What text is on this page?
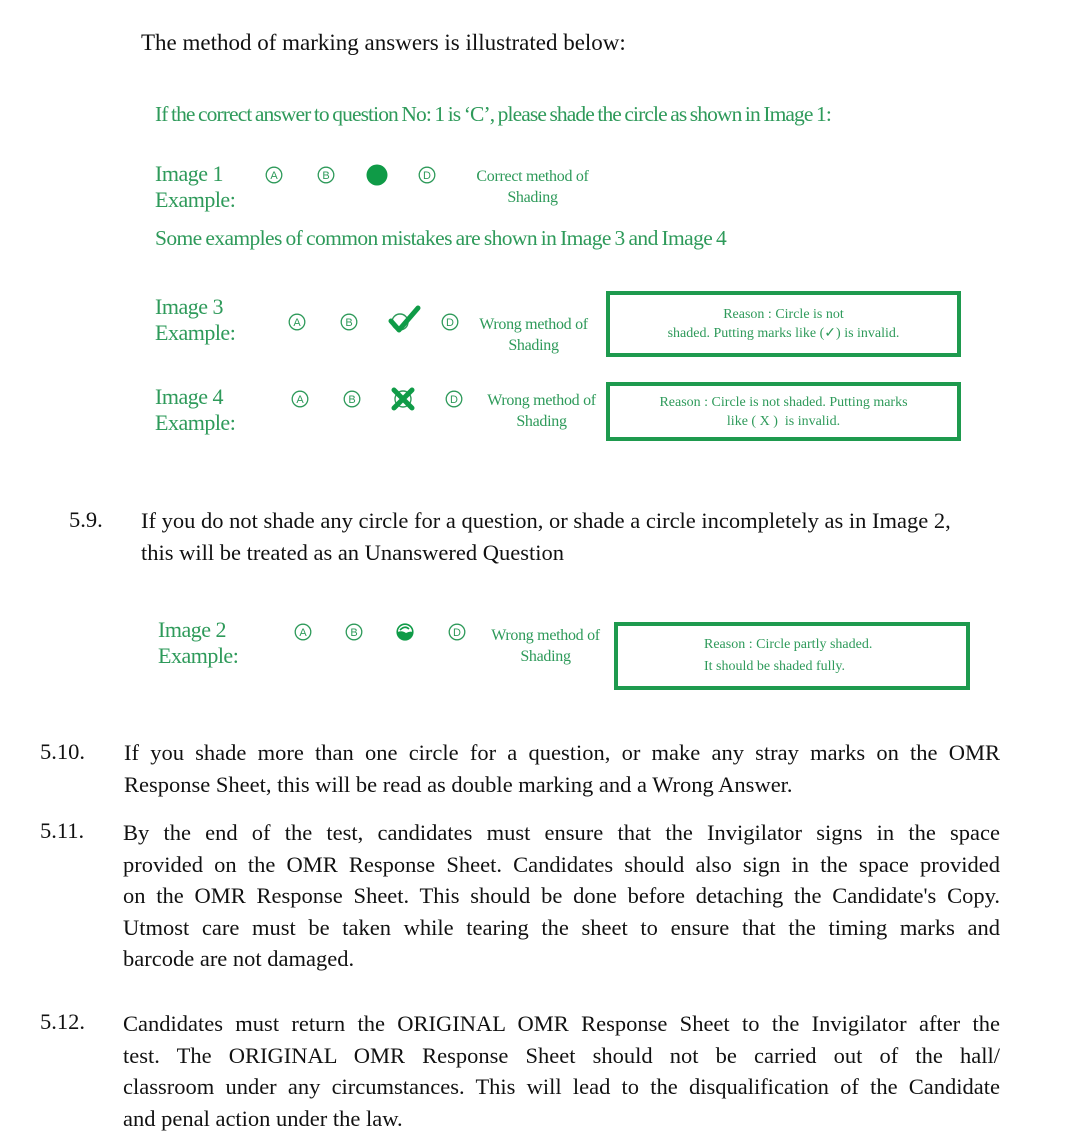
The method of marking answers is illustrated below:
If the correct answer to question No: 1 is ‘C’, please shade the circle as shown in Image 1:
Image 1
Example:
A	B	D	Correct method of
Shading
Some examples of common mistakes are shown in Image 3 and Image 4
Image 3
Example:	A	B	D	Wrong method of
Shading
Reason : Circle is not
shaded. Putting marks like (✓) is invalid.
Image 4
Example:
A	B	D	Wrong method of
Shading
Reason : Circle is not shaded. Putting marks
like ( X )  is invalid.
5.9. If you do not shade any circle for a question, or shade a circle incompletely as in Image 2,
this will be treated as an Unanswered Question
Image 2
Example:
A	B	D	Wrong method of
Shading
Reason : Circle partly shaded.
It should be shaded fully.
5.10. If you shade more than one circle for a question, or make any stray marks on the OMR
Response Sheet, this will be read as double marking and a Wrong Answer.
5.11. By the end of the test, candidates must ensure that the Invigilator signs in the space
provided on the OMR Response Sheet. Candidates should also sign in the space provided
on the OMR Response Sheet. This should be done before detaching the Candidate's Copy.
Utmost care must be taken while tearing the sheet to ensure that the timing marks and
barcode are not damaged.
5.12. Candidates must return the ORIGINAL OMR Response Sheet to the Invigilator after the
test. The ORIGINAL OMR Response Sheet should not be carried out of the hall/
classroom under any circumstances. This will lead to the disqualification of the Candidate
and penal action under the law.
